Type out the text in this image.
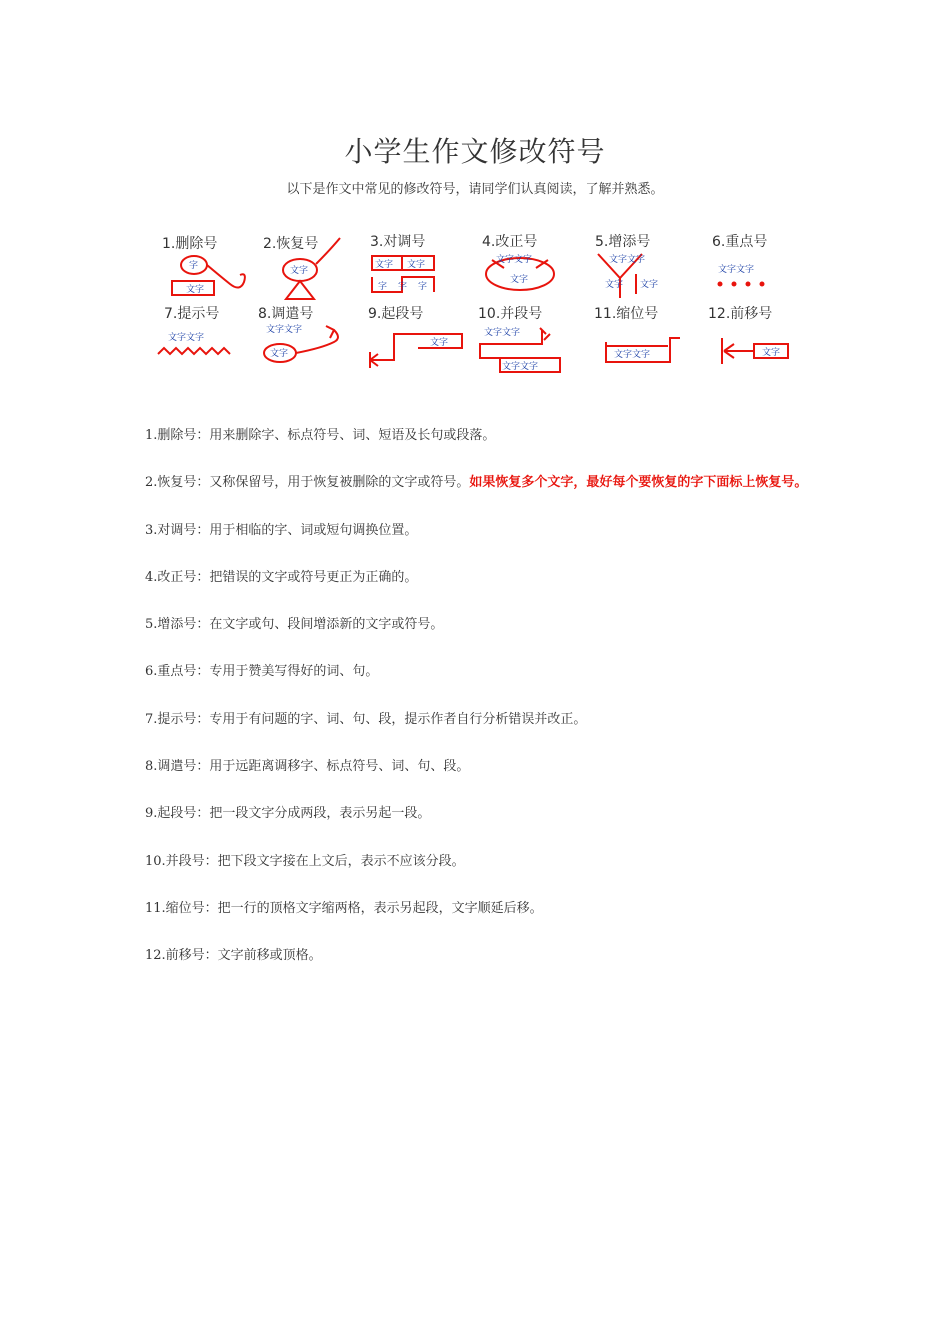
小学生作文修改符号

以下是作文中常见的修改符号，请同学们认真阅读，了解并熟悉。

1.删除号	2.恢复号	3.对调号	4.改正号	5.增添号	6.重点号
7.提示号	8.调遣号	9.起段号	10.并段号	11.缩位号	12.前移号
字
文字
文字
文字 文字
字 字 字
文字文字
文字
文字文字
文字 文字
文字文字
文字文字
文字文字
文字
文字
文字文字
文字文字
文字文字	文字
1.删除号：用来删除字、标点符号、词、短语及长句或段落。
2.恢复号：又称保留号，用于恢复被删除的文字或符号。如果恢复多个文字，最好每个要恢复的字下面标上恢复号。
3.对调号：用于相临的字、词或短句调换位置。
4.改正号：把错误的文字或符号更正为正确的。
5.增添号：在文字或句、段间增添新的文字或符号。
6.重点号：专用于赞美写得好的词、句。
7.提示号：专用于有问题的字、词、句、段，提示作者自行分析错误并改正。
8.调遣号：用于远距离调移字、标点符号、词、句、段。
9.起段号：把一段文字分成两段，表示另起一段。
10.并段号：把下段文字接在上文后，表示不应该分段。
11.缩位号：把一行的顶格文字缩两格，表示另起段，文字顺延后移。
12.前移号：文字前移或顶格。
